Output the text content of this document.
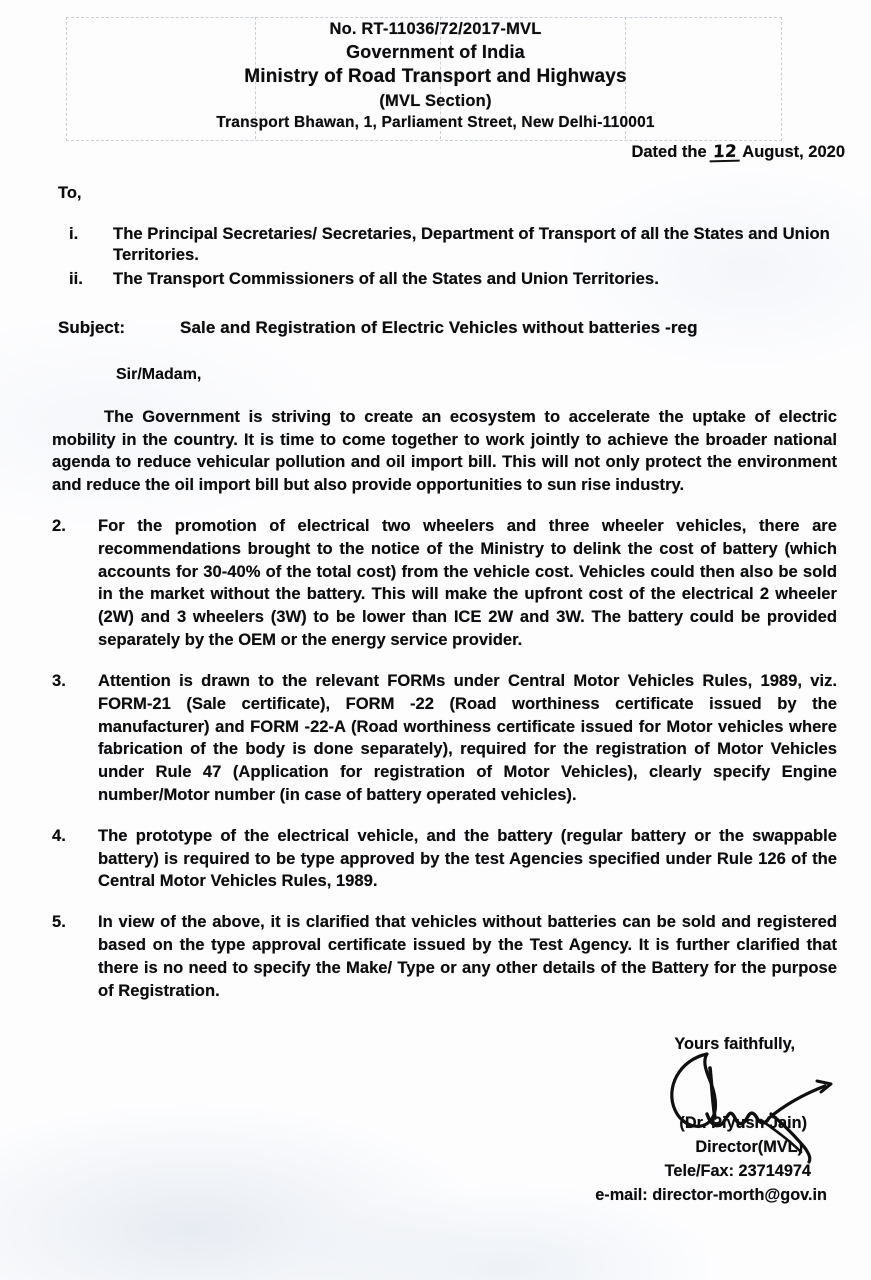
No. RT-11036/72/2017-MVL
Government of India
Ministry of Road Transport and Highways
(MVL Section)
Transport Bhawan, 1, Parliament Street, New Delhi-110001
Dated the 12 August, 2020
To,
i.	The Principal Secretaries/ Secretaries, Department of Transport of all the States and Union Territories.
ii.	The Transport Commissioners of all the States and Union Territories.
Subject:	Sale and Registration of Electric Vehicles without batteries -reg
Sir/Madam,
The Government is striving to create an ecosystem to accelerate the uptake of electric mobility in the country. It is time to come together to work jointly to achieve the broader national agenda to reduce vehicular pollution and oil import bill. This will not only protect the environment and reduce the oil import bill but also provide opportunities to sun rise industry.
2.	For the promotion of electrical two wheelers and three wheeler vehicles, there are recommendations brought to the notice of the Ministry to delink the cost of battery (which accounts for 30-40% of the total cost) from the vehicle cost. Vehicles could then also be sold in the market without the battery. This will make the upfront cost of the electrical 2 wheeler (2W) and 3 wheelers (3W) to be lower than ICE 2W and 3W. The battery could be provided separately by the OEM or the energy service provider.
3.	Attention is drawn to the relevant FORMs under Central Motor Vehicles Rules, 1989, viz. FORM-21 (Sale certificate), FORM -22 (Road worthiness certificate issued by the manufacturer) and FORM -22-A (Road worthiness certificate issued for Motor vehicles where fabrication of the body is done separately), required for the registration of Motor Vehicles under Rule 47 (Application for registration of Motor Vehicles), clearly specify Engine number/Motor number (in case of battery operated vehicles).
4.	The prototype of the electrical vehicle, and the battery (regular battery or the swappable battery) is required to be type approved by the test Agencies specified under Rule 126 of the Central Motor Vehicles Rules, 1989.
5.	In view of the above, it is clarified that vehicles without batteries can be sold and registered based on the type approval certificate issued by the Test Agency. It is further clarified that there is no need to specify the Make/ Type or any other details of the Battery for the purpose of Registration.
Yours faithfully,
(Dr. Piyush Jain)
Director(MVL)
Tele/Fax: 23714974
e-mail: director-morth@gov.in
